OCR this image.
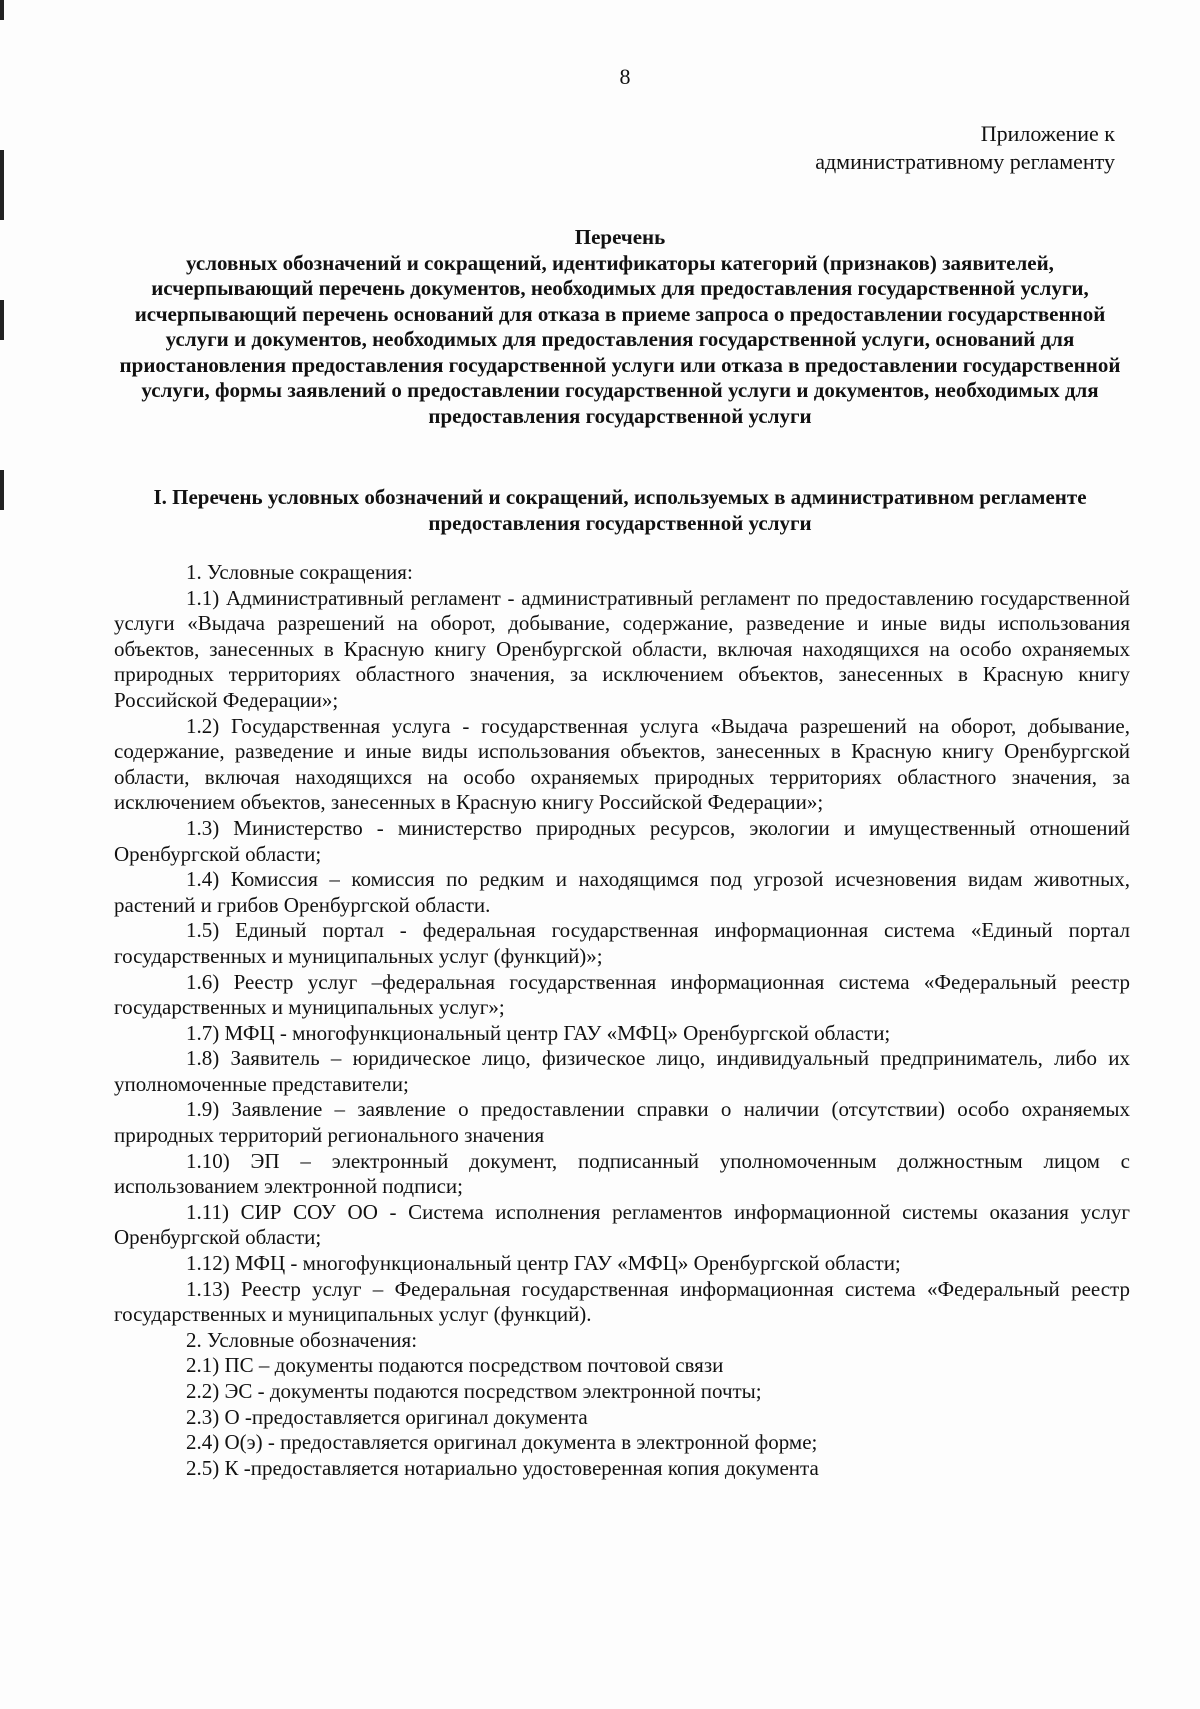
8
Приложение к
административному регламенту
Перечень
условных обозначений и сокращений, идентификаторы категорий (признаков) заявителей, исчерпывающий перечень документов, необходимых для предоставления государственной услуги, исчерпывающий перечень оснований для отказа в приеме запроса о предоставлении государственной услуги и документов, необходимых для предоставления государственной услуги, оснований для приостановления предоставления государственной услуги или отказа в предоставлении государственной услуги, формы заявлений о предоставлении государственной услуги и документов, необходимых для предоставления государственной услуги
I. Перечень условных обозначений и сокращений, используемых в административном регламенте предоставления государственной услуги

1. Условные сокращения:

1.1) Административный регламент - административный регламент по предоставлению государственной услуги «Выдача разрешений на оборот, добывание, содержание, разведение и иные виды использования объектов, занесенных в Красную книгу Оренбургской области, включая находящихся на особо охраняемых природных территориях областного значения, за исключением объектов, занесенных в Красную книгу Российской Федерации»;

1.2) Государственная услуга - государственная услуга «Выдача разрешений на оборот, добывание, содержание, разведение и иные виды использования объектов, занесенных в Красную книгу Оренбургской области, включая находящихся на особо охраняемых природных территориях областного значения, за исключением объектов, занесенных в Красную книгу Российской Федерации»;

1.3) Министерство - министерство природных ресурсов, экологии и имущественный отношений Оренбургской области;

1.4) Комиссия – комиссия по редким и находящимся под угрозой исчезновения видам животных, растений и грибов Оренбургской области.

1.5) Единый портал - федеральная государственная информационная система «Единый портал государственных и муниципальных услуг (функций)»;

1.6) Реестр услуг –федеральная государственная информационная система «Федеральный реестр государственных и муниципальных услуг»;

1.7) МФЦ - многофункциональный центр ГАУ «МФЦ» Оренбургской области;

1.8) Заявитель – юридическое лицо, физическое лицо, индивидуальный предприниматель, либо их уполномоченные представители;

1.9) Заявление – заявление о предоставлении справки о наличии (отсутствии) особо охраняемых природных территорий регионального значения

1.10) ЭП – электронный документ, подписанный уполномоченным должностным лицом с использованием электронной подписи;

1.11) СИР СОУ ОО - Система исполнения регламентов информационной системы оказания услуг Оренбургской области;

1.12) МФЦ - многофункциональный центр ГАУ «МФЦ» Оренбургской области;

1.13) Реестр услуг – Федеральная государственная информационная система «Федеральный реестр государственных и муниципальных услуг (функций).

2. Условные обозначения:

2.1) ПС – документы подаются посредством почтовой связи

2.2) ЭС - документы подаются посредством электронной почты;

2.3) О -предоставляется оригинал документа

2.4) О(э) - предоставляется оригинал документа в электронной форме;

2.5) К -предоставляется нотариально удостоверенная копия документа
